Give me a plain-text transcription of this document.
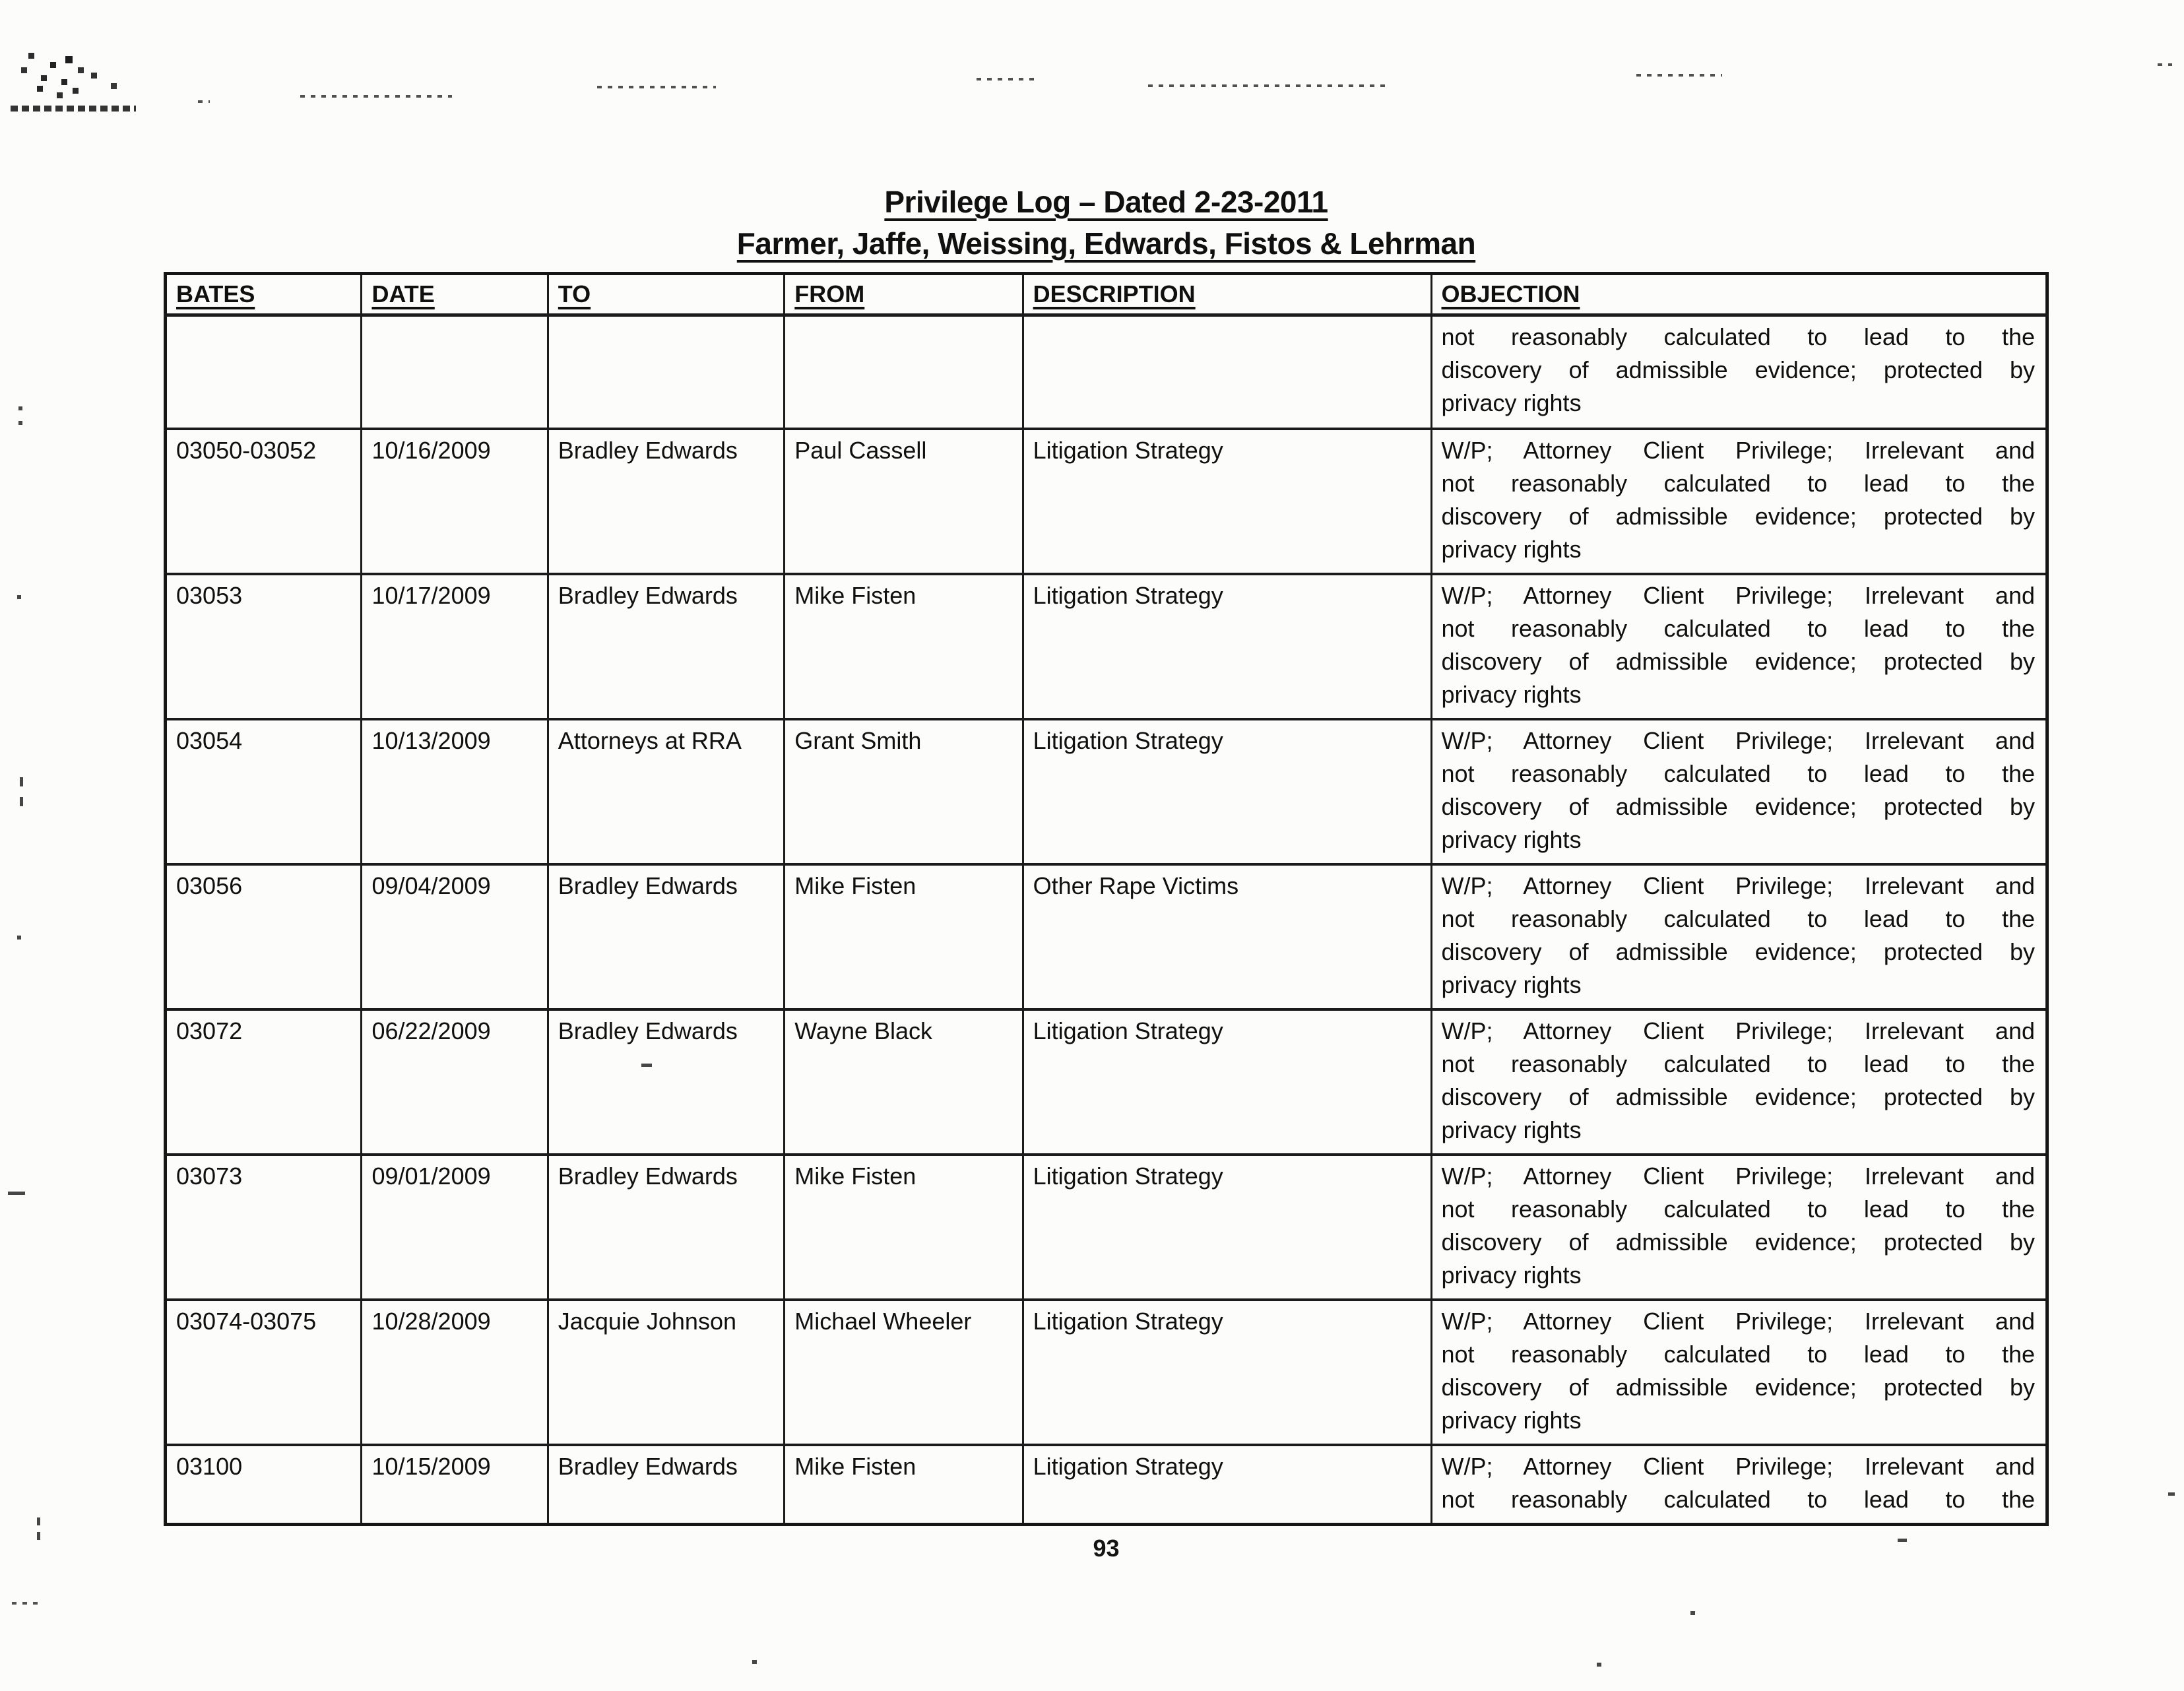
Privilege Log – Dated 2-23-2011
Farmer, Jaffe, Weissing, Edwards, Fistos & Lehrman
BATES	DATE	TO	FROM	DESCRIPTION	OBJECTION

					not reasonably calculated to lead to the
discovery of admissible evidence; protected by
privacy rights

03050-03052	10/16/2009	Bradley Edwards	Paul Cassell	Litigation Strategy	W/P; Attorney Client Privilege; Irrelevant and
not reasonably calculated to lead to the
discovery of admissible evidence; protected by
privacy rights

03053	10/17/2009	Bradley Edwards	Mike Fisten	Litigation Strategy	W/P; Attorney Client Privilege; Irrelevant and
not reasonably calculated to lead to the
discovery of admissible evidence; protected by
privacy rights

03054	10/13/2009	Attorneys at RRA	Grant Smith	Litigation Strategy	W/P; Attorney Client Privilege; Irrelevant and
not reasonably calculated to lead to the
discovery of admissible evidence; protected by
privacy rights

03056	09/04/2009	Bradley Edwards	Mike Fisten	Other Rape Victims	W/P; Attorney Client Privilege; Irrelevant and
not reasonably calculated to lead to the
discovery of admissible evidence; protected by
privacy rights

03072	06/22/2009	Bradley Edwards	Wayne Black	Litigation Strategy	W/P; Attorney Client Privilege; Irrelevant and
not reasonably calculated to lead to the
discovery of admissible evidence; protected by
privacy rights

03073	09/01/2009	Bradley Edwards	Mike Fisten	Litigation Strategy	W/P; Attorney Client Privilege; Irrelevant and
not reasonably calculated to lead to the
discovery of admissible evidence; protected by
privacy rights

03074-03075	10/28/2009	Jacquie Johnson	Michael Wheeler	Litigation Strategy	W/P; Attorney Client Privilege; Irrelevant and
not reasonably calculated to lead to the
discovery of admissible evidence; protected by
privacy rights

03100	10/15/2009	Bradley Edwards	Mike Fisten	Litigation Strategy	W/P; Attorney Client Privilege; Irrelevant and
not reasonably calculated to lead to the
93
